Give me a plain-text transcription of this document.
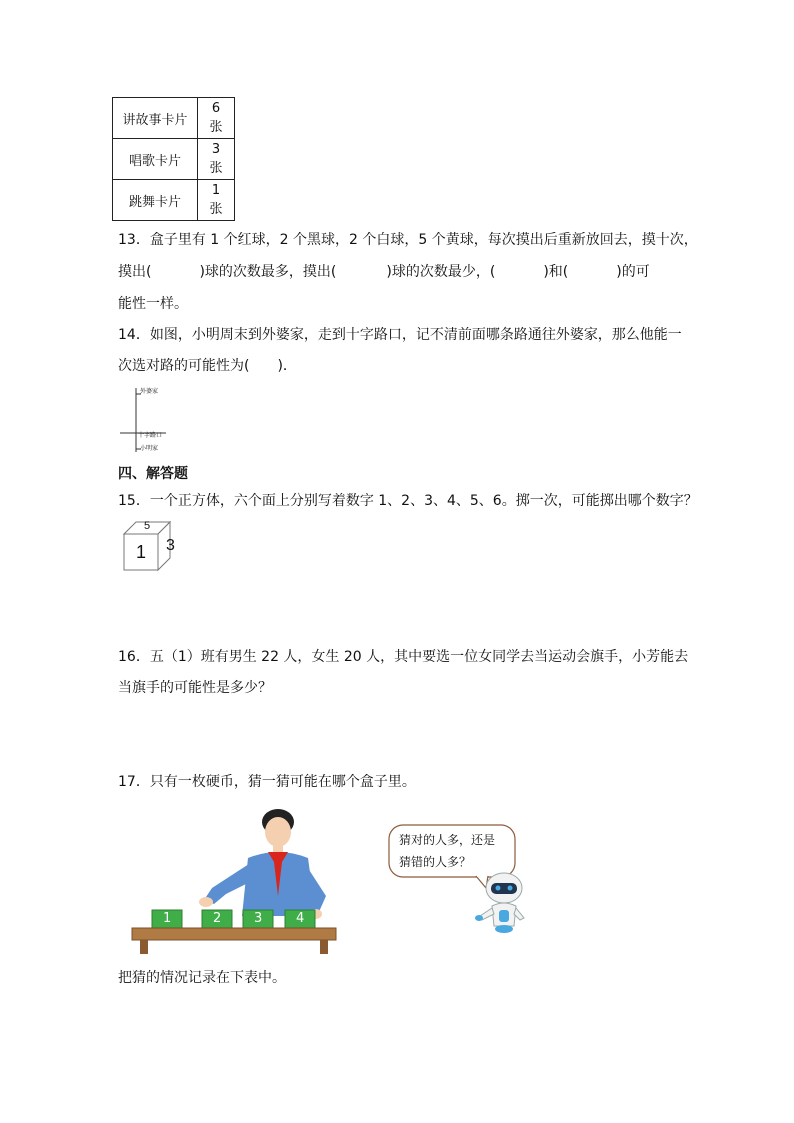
讲故事卡片	6 张
唱歌卡片	3 张
跳舞卡片	1 张
13．盒子里有 1 个红球，2 个黑球，2 个白球，5 个黄球，每次摸出后重新放回去，摸十次，
摸出(	)球的次数最多，摸出(	)球的次数最少，(	)和(	)的可
能性一样。
14．如图，小明周末到外婆家，走到十字路口，记不清前面哪条路通往外婆家，那么他能一
次选对路的可能性为(　　)．
外婆家
十字路口
小明家
四、解答题
15．一个正方体，六个面上分别写着数字 1、2、3、4、5、6。掷一次，可能掷出哪个数字？
5
1 3
16．五（1）班有男生 22 人，女生 20 人，其中要选一位女同学去当运动会旗手，小芳能去
当旗手的可能性是多少？
17．只有一枚硬币，猜一猜可能在哪个盒子里。
1	2	3	4
猜对的人多，还是
猜错的人多？
把猜的情况记录在下表中。
